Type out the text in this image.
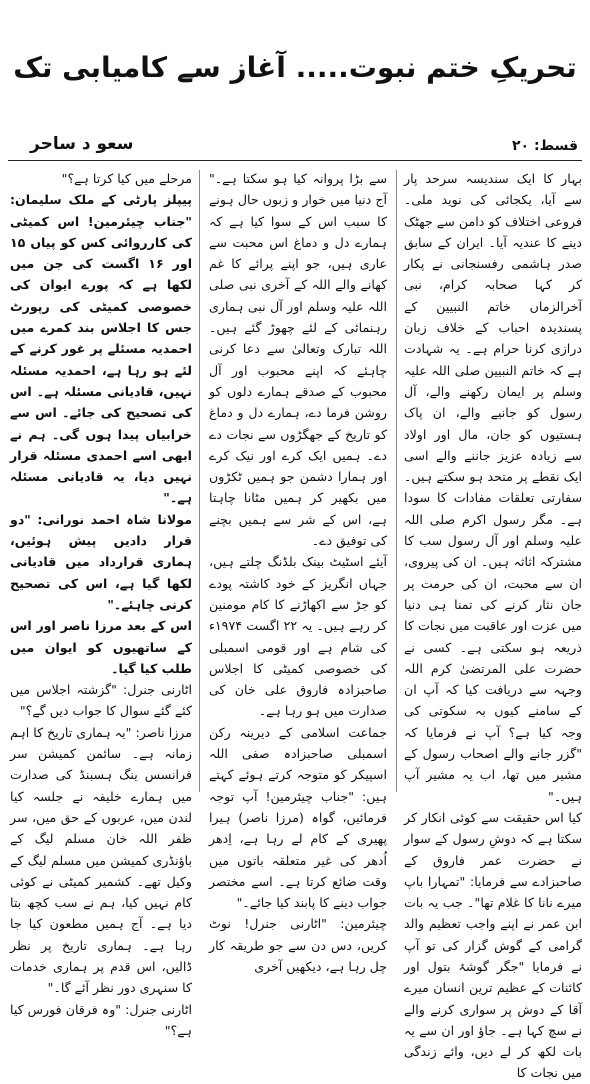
تحریکِ ختم نبوت..... آغاز سے کامیابی تک
قسط: ۲۰
سعو د ساحر

بہار کا ایک سندیسہ سرحد پار سے آیا، یکجائی کی نوید ملی۔ فروعی اختلاف کو دامن سے جھٹک دینے کا عندیہ آیا۔ ایران کے سابق صدر ہاشمی رفسنجانی نے پکار کر کہا صحابہ کرام، نبی آخرالزماں خاتم النبیین کے پسندیدہ احباب کے خلاف زبان درازی کرنا حرام ہے۔ یہ شہادت ہے کہ خاتم النبیین صلی اللہ علیہ وسلم پر ایمان رکھنے والے، آل رسول کو جانیے والے، ان پاک ہستیوں کو جان، مال اور اولاد سے زیادہ عزیز جاننے والے اسی ایک نقطے پر متحد ہو سکتے ہیں۔ سفارتی تعلقات مفادات کا سودا ہے۔ مگر رسول اکرم صلی اللہ علیہ وسلم اور آل رسول سب کا مشترکہ اثاثہ ہیں۔ ان کی پیروی، ان سے محبت، ان کی حرمت پر جان نثار کرنے کی تمنا ہی دنیا میں عزت اور عاقبت میں نجات کا ذریعہ ہو سکتی ہے۔ کسی نے حضرت علی المرتضیٰ کرم اللہ وجہہ سے دریافت کیا کہ آپ ان کے سامنے کیوں بہ سکوتی کی وجہ کیا ہے؟ آپ نے فرمایا کہ "گزر جانے والے اصحاب رسول کے مشیر میں تھا، اب یہ مشیر آپ ہیں۔"

کیا اس حقیقت سے کوئی انکار کر سکتا ہے کہ دوشِ رسول کے سوار نے حضرت عمر فاروق کے صاحبزادے سے فرمایا: "تمہارا باپ میرے نانا کا غلام تھا"۔ جب یہ بات ابن عمر نے اپنے واجب تعظیم والد گرامی کے گوش گزار کی تو آپ نے فرمایا "جگر گوشۂ بتول اور کائنات کے عظیم ترین انسان میرے آقا کے دوش پر سواری کرنے والے نے سچ کہا ہے۔ جاؤ اور ان سے یہ بات لکھ کر لے دیں، وائے زندگی میں نجات کا

سے بڑا پروانہ کیا ہو سکتا ہے۔" آج دنیا میں خوار و زبوں حال ہونے کا سبب اس کے سوا کیا ہے کہ ہمارے دل و دماغ اس محبت سے عاری ہیں، جو اپنے پرائے کا غم کھانے والے اللہ کے آخری نبی صلی اللہ علیہ وسلم اور آل نبی ہماری رہنمائی کے لئے چھوڑ گئے ہیں۔ اللہ تبارک وتعالیٰ سے دعا کرنی چاہئے کہ اپنے محبوب اور آل محبوب کے صدقے ہمارے دلوں کو روشن فرما دے، ہمارے دل و دماغ کو تاریخ کے جھگڑوں سے نجات دے دے۔ ہمیں ایک کرے اور نیک کرے اور ہمارا دشمن جو ہمیں ٹکڑوں میں بکھیر کر ہمیں مٹانا چاہتا ہے، اس کے شر سے ہمیں بچنے کی توفیق دے۔

آیئے اسٹیٹ بینک بلڈنگ چلتے ہیں، جہاں انگریز کے خود کاشتہ پودے کو جڑ سے اکھاڑنے کا کام مومنین کر رہے ہیں۔ یہ ۲۲ اگست ۱۹۷۴ء کی شام ہے اور قومی اسمبلی کی خصوصی کمیٹی کا اجلاس صاحبزادہ فاروق علی خان کی صدارت میں ہو رہا ہے۔

جماعت اسلامی کے دیرینہ رکن اسمبلی صاحبزادہ صفی اللہ اسپیکر کو متوجہ کرتے ہوئے کہتے ہیں: "جناب چیئرمین! آپ توجہ فرمائیں، گواہ (مرزا ناصر) ہیرا پھیری کے کام لے رہا ہے، اِدھر اُدھر کی غیر متعلقہ باتوں میں وقت ضائع کرتا ہے۔ اسے مختصر جواب دینے کا پابند کیا جائے۔"

چیئرمین: "اٹارنی جنرل! نوٹ کریں، دس دن سے جو طریقہ کار چل رہا ہے، دیکھیں آخری

مرحلے میں کیا کرتا ہے؟"

پیپلز پارٹی کے ملک سلیمان: "جناب چیئرمین! اس کمیٹی کی کارروائی کس کو پیاں ۱۵ اور ۱۶ اگست کی جن میں لکھا ہے کہ پورے ایوان کی خصوصی کمیٹی کی رپورٹ جس کا اجلاس بند کمرے میں احمدیہ مسئلے پر غور کرنے کے لئے ہو رہا ہے، احمدیہ مسئلہ نہیں، قادیانی مسئلہ ہے۔ اس کی تصحیح کی جائے۔ اس سے خرابیاں پیدا ہوں گی۔ ہم نے ابھی اسے احمدی مسئلہ قرار نہیں دیا، یہ قادیانی مسئلہ ہے۔"

مولانا شاہ احمد نورانی: "دو قرار دادیں پیش ہوئیں، ہماری قرارداد میں قادیانی لکھا گیا ہے، اس کی تصحیح کرنی چاہئے۔"

اس کے بعد مرزا ناصر اور اس کے ساتھیوں کو ایوان میں طلب کیا گیا۔

اٹارنی جنرل: "گزشتہ اجلاس میں کئے گئے سوال کا جواب دیں گے؟"

مرزا ناصر: "یہ ہماری تاریخ کا اہم زمانہ ہے۔ سائمن کمیشن سر فرانسس ینگ ہسبنڈ کی صدارت میں ہمارے خلیفہ نے جلسہ کیا لندن میں، عربوں کے حق میں، سر ظفر اللہ خان مسلم لیگ کے باؤنڈری کمیشن میں مسلم لیگ کے وکیل تھے۔ کشمیر کمیٹی نے کوئی کام نہیں کیا، ہم نے سب کچھ بتا دیا ہے۔ آج ہمیں مطعون کیا جا رہا ہے۔ ہماری تاریخ پر نظر ڈالیں، اس قدم پر ہماری خدمات کا سنہری دور نظر آئے گا۔"

اٹارنی جنرل: "وہ فرقان فورس کیا ہے؟"
